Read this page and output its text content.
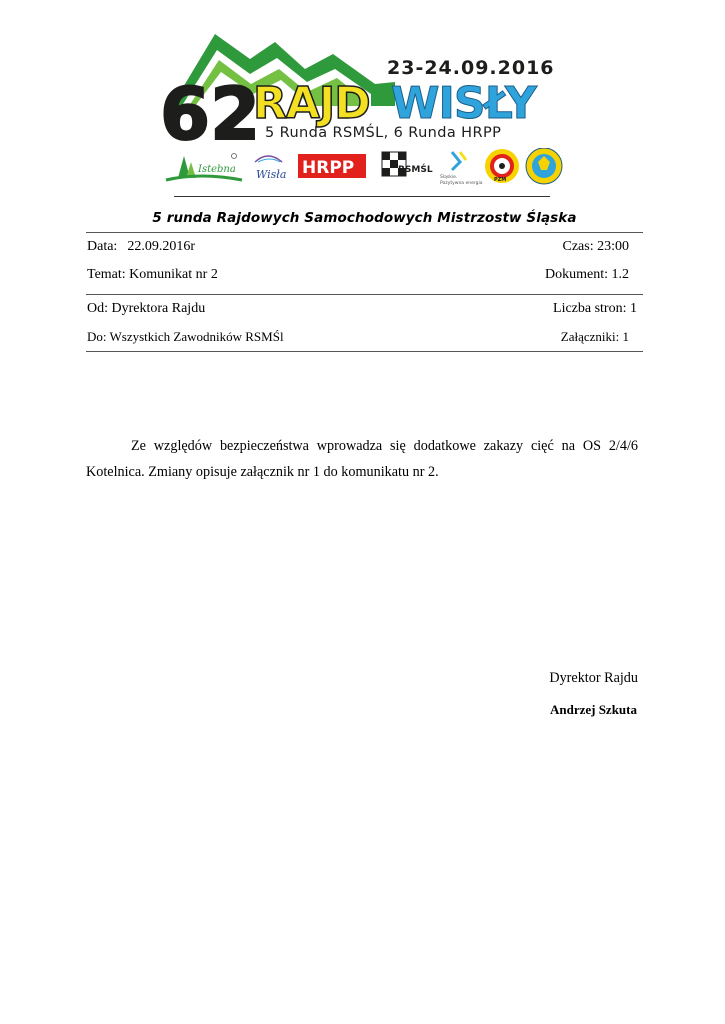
62
RAJD WISŁY
23-24.09.2016
5 Runda RSMŚL, 6 Runda HRPP
Istebna Wisła HRPP	RSMŚL
Śląskie.
Pozytywna energia
PZM
5 runda Rajdowych Samochodowych Mistrzostw Śląska
Data: 22.09.2016r	Czas: 23:00
Temat: Komunikat nr 2	Dokument: 1.2
Od: Dyrektora Rajdu	Liczba stron: 1
Do: Wszystkich Zawodników RSMŚl	Załączniki: 1

Ze względów bezpieczeństwa wprowadza się dodatkowe zakazy cięć na OS 2/4/6 Kotelnica. Zmiany opisuje załącznik nr 1 do komunikatu nr 2.

Dyrektor Rajdu
Andrzej Szkuta
